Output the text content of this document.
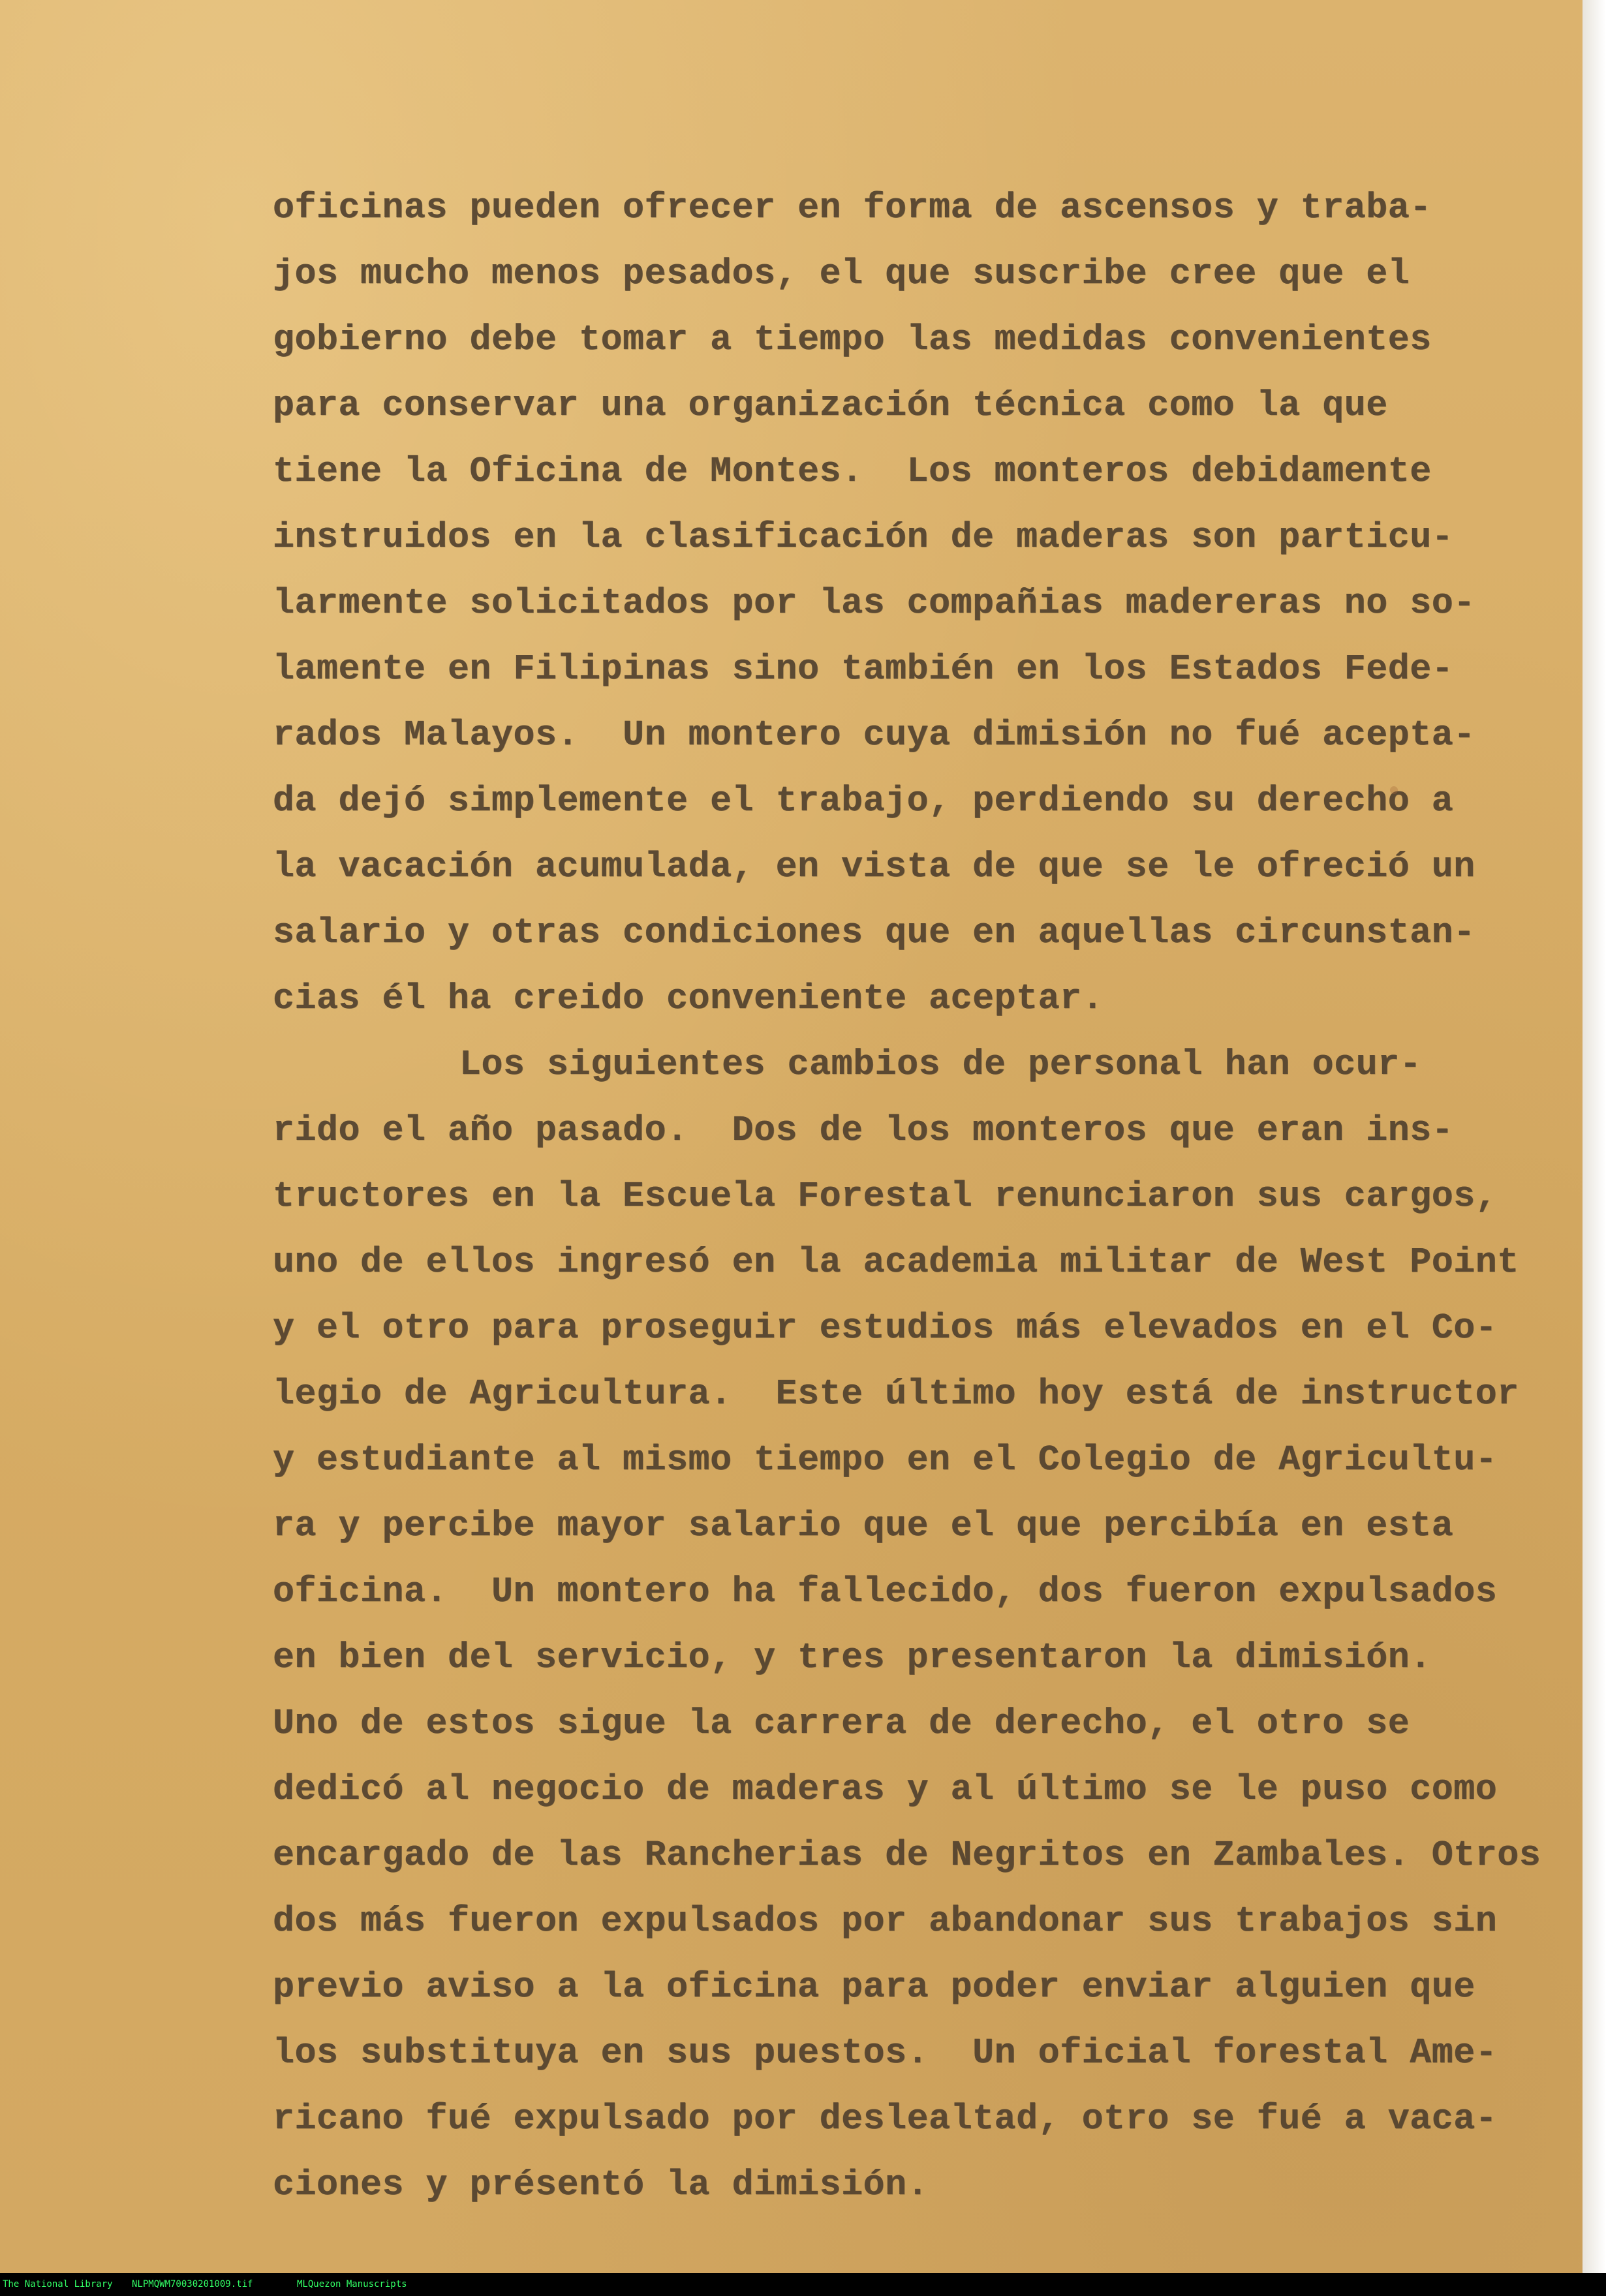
oficinas pueden ofrecer en forma de ascensos y traba-
jos mucho menos pesados, el que suscribe cree que el
gobierno debe tomar a tiempo las medidas convenientes
para conservar una organización técnica como la que
tiene la Oficina de Montes.  Los monteros debidamente
instruidos en la clasificación de maderas son particu-
larmente solicitados por las compañias madereras no so-
lamente en Filipinas sino también en los Estados Fede-
rados Malayos.  Un montero cuya dimisión no fué acepta-
da dejó simplemente el trabajo, perdiendo su derecho a
la vacación acumulada, en vista de que se le ofreció un
salario y otras condiciones que en aquellas circunstan-
cias él ha creido conveniente aceptar.
Los siguientes cambios de personal han ocur-
rido el año pasado.  Dos de los monteros que eran ins-
tructores en la Escuela Forestal renunciaron sus cargos,
uno de ellos ingresó en la academia militar de West Point
y el otro para proseguir estudios más elevados en el Co-
legio de Agricultura.  Este último hoy está de instructor
y estudiante al mismo tiempo en el Colegio de Agricultu-
ra y percibe mayor salario que el que percibía en esta
oficina.  Un montero ha fallecido, dos fueron expulsados
en bien del servicio, y tres presentaron la dimisión.
Uno de estos sigue la carrera de derecho, el otro se
dedicó al negocio de maderas y al último se le puso como
encargado de las Rancherias de Negritos en Zambales. Otros
dos más fueron expulsados por abandonar sus trabajos sin
previo aviso a la oficina para poder enviar alguien que
los substituya en sus puestos.  Un oficial forestal Ame-
ricano fué expulsado por deslealtad, otro se fué a vaca-
ciones y présentó la dimisión.
The National Library NLPMQWM70030201009.tif	MLQuezon Manuscripts
